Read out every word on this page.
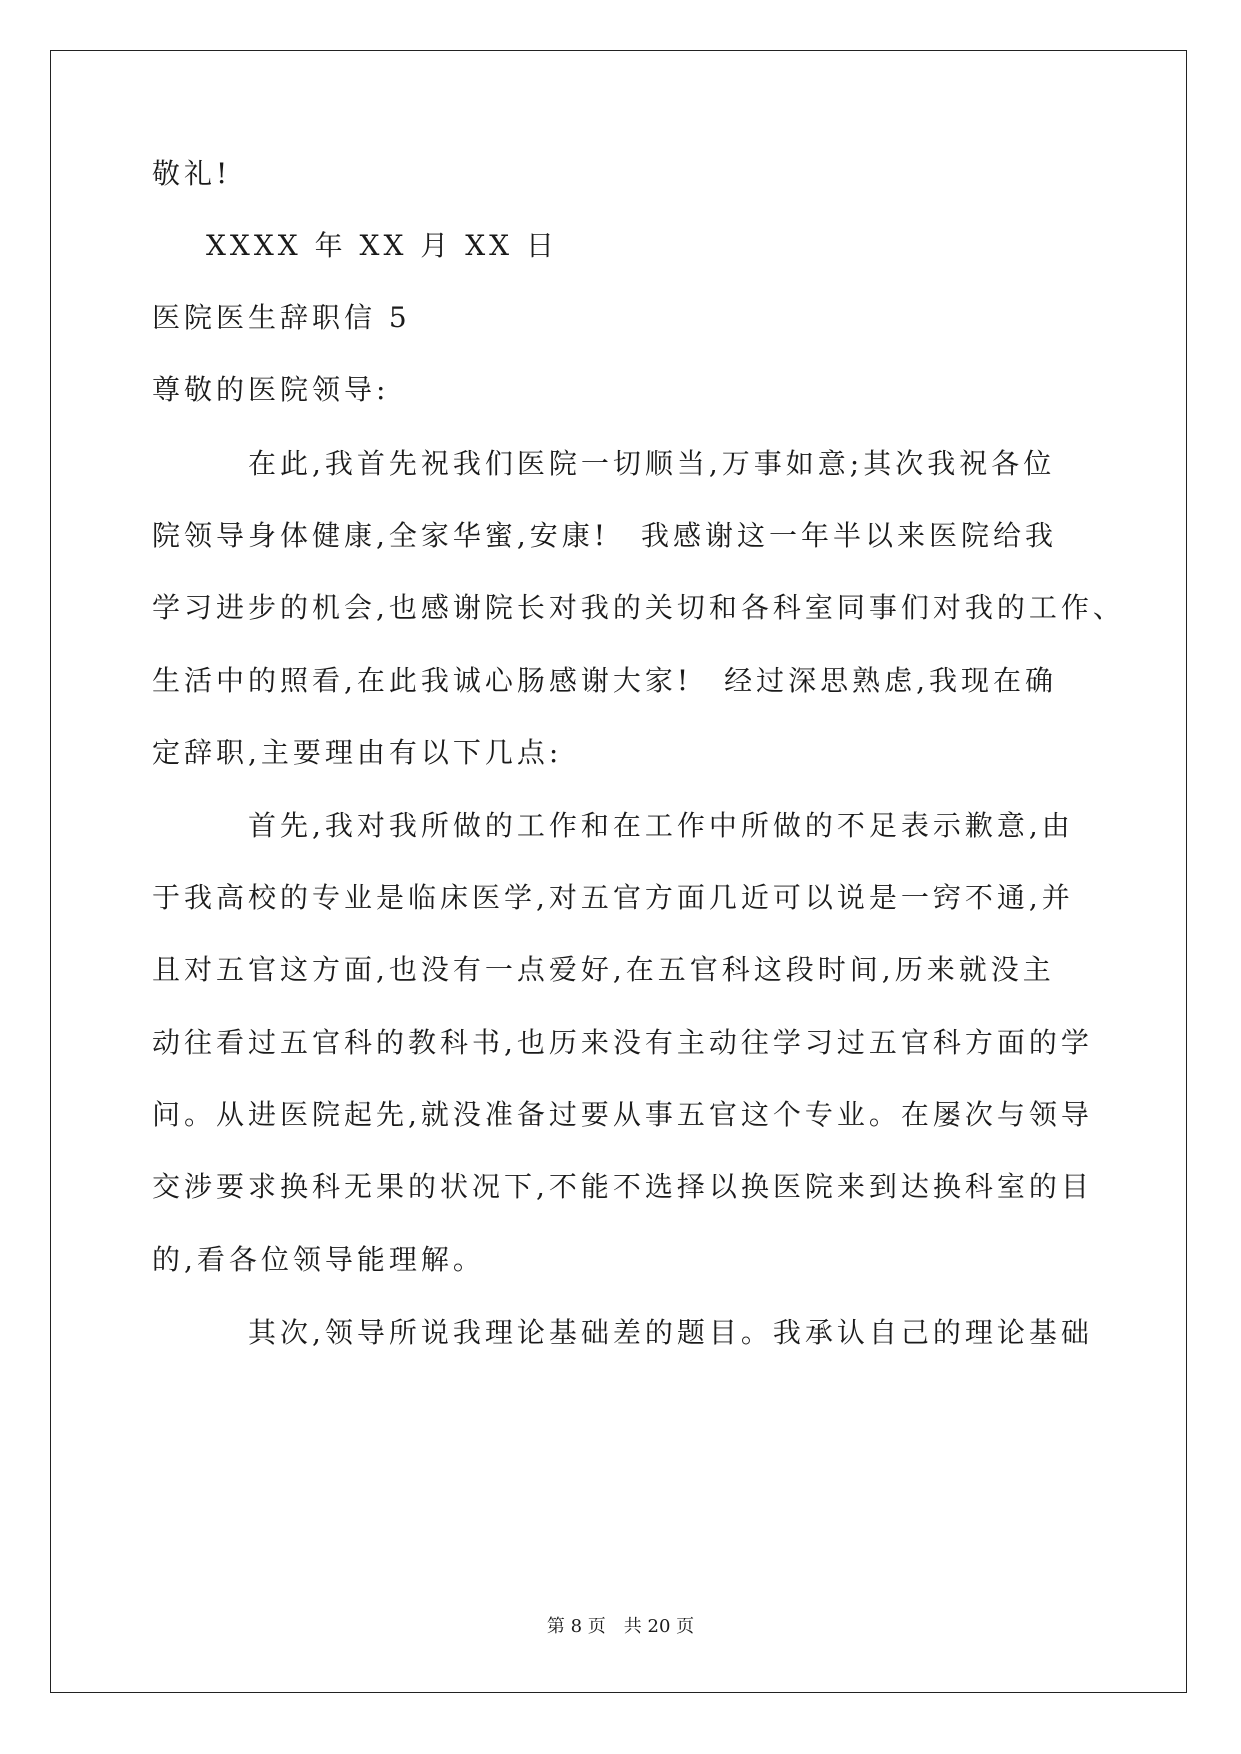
敬礼!
XXXX 年 XX 月 XX 日
医院医生辞职信 5
尊敬的医院领导:
在此,我首先祝我们医院一切顺当,万事如意;其次我祝各位
院领导身体健康,全家华蜜,安康!　我感谢这一年半以来医院给我
学习进步的机会,也感谢院长对我的关切和各科室同事们对我的工作、
生活中的照看,在此我诚心肠感谢大家!　经过深思熟虑,我现在确
定辞职,主要理由有以下几点:
首先,我对我所做的工作和在工作中所做的不足表示歉意,由
于我高校的专业是临床医学,对五官方面几近可以说是一窍不通,并
且对五官这方面,也没有一点爱好,在五官科这段时间,历来就没主
动往看过五官科的教科书,也历来没有主动往学习过五官科方面的学
问。从进医院起先,就没准备过要从事五官这个专业。在屡次与领导
交涉要求换科无果的状况下,不能不选择以换医院来到达换科室的目
的,看各位领导能理解。
其次,领导所说我理论基础差的题目。我承认自己的理论基础
第 8 页　共 20 页
